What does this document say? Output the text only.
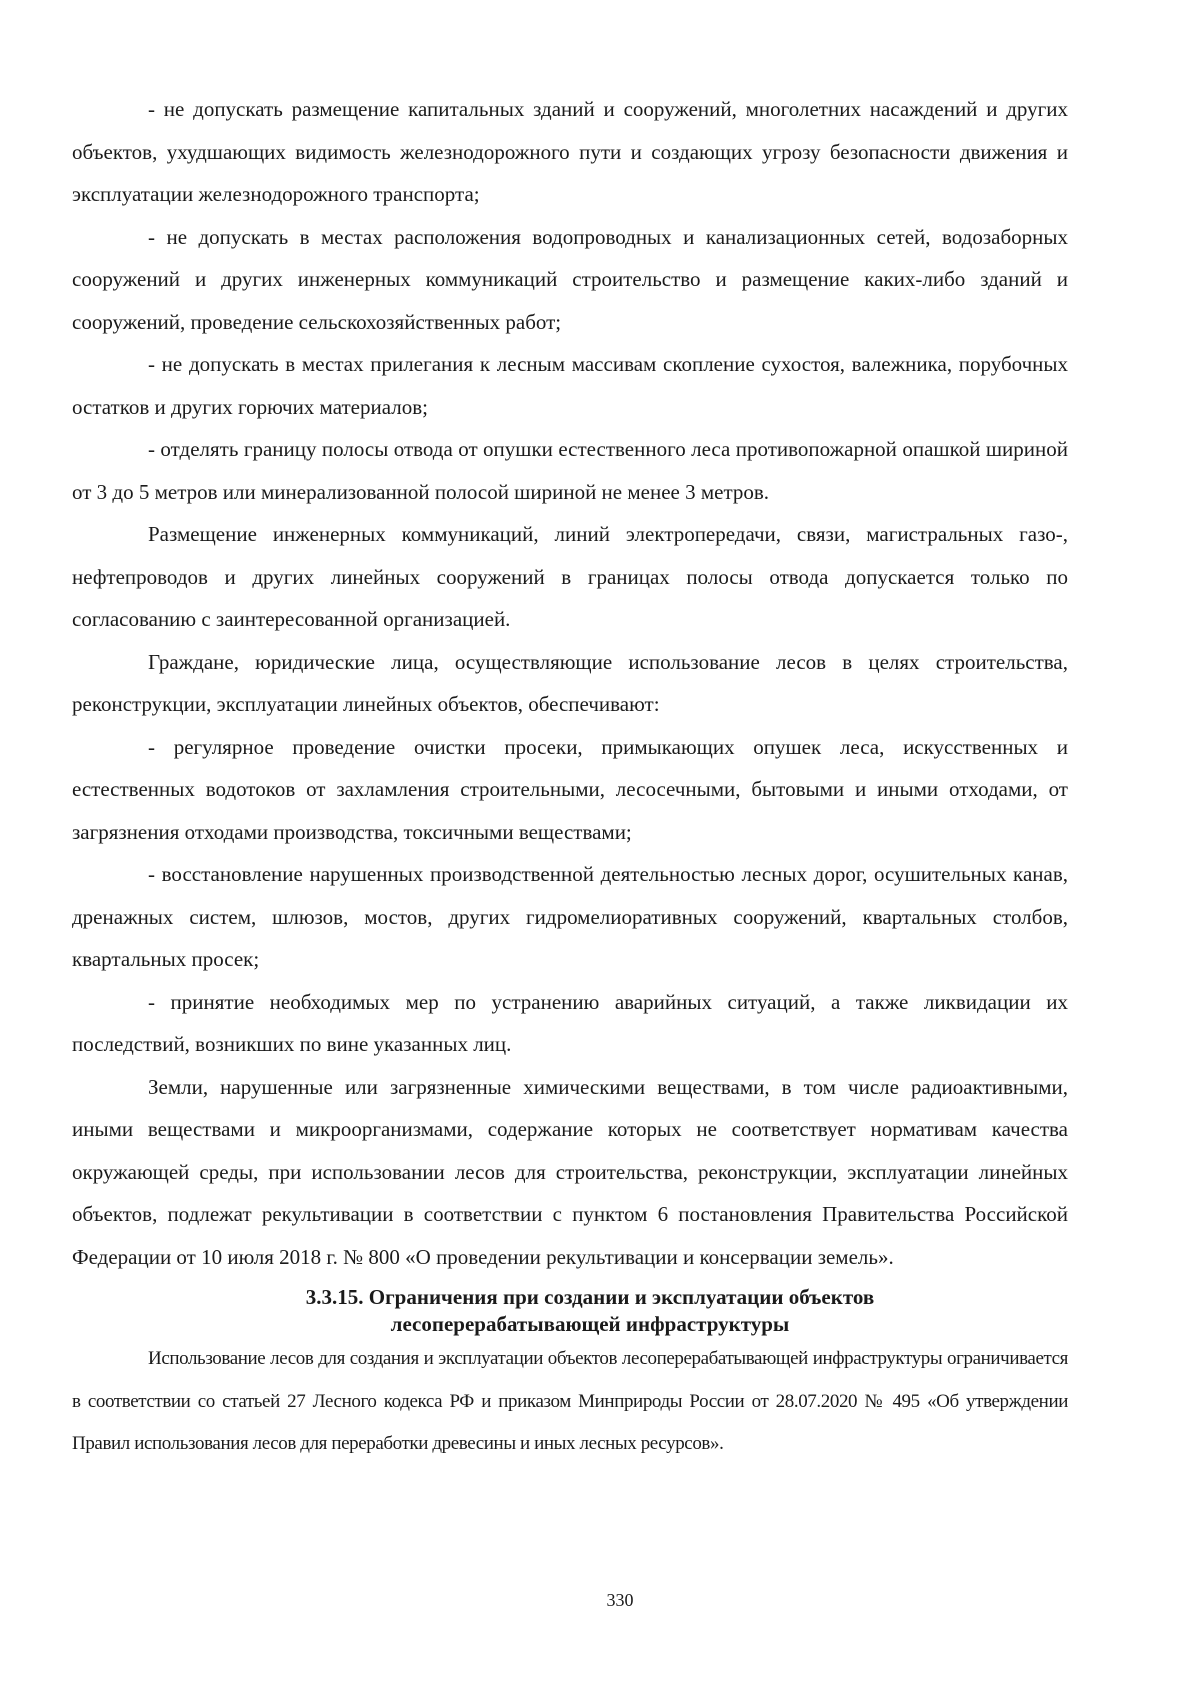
- не допускать размещение капитальных зданий и сооружений, многолетних насаждений и других объектов, ухудшающих видимость железнодорожного пути и создающих угрозу безопасности движения и эксплуатации железнодорожного транспорта;

- не допускать в местах расположения водопроводных и канализационных сетей, водозаборных сооружений и других инженерных коммуникаций строительство и размещение каких-либо зданий и сооружений, проведение сельскохозяйственных работ;

- не допускать в местах прилегания к лесным массивам скопление сухостоя, валежника, порубочных остатков и других горючих материалов;

- отделять границу полосы отвода от опушки естественного леса противопожарной опашкой шириной от 3 до 5 метров или минерализованной полосой шириной не менее 3 метров.

Размещение инженерных коммуникаций, линий электропередачи, связи, магистральных газо-, нефтепроводов и других линейных сооружений в границах полосы отвода допускается только по согласованию с заинтересованной организацией.

Граждане, юридические лица, осуществляющие использование лесов в целях строительства, реконструкции, эксплуатации линейных объектов, обеспечивают:

- регулярное проведение очистки просеки, примыкающих опушек леса, искусственных и естественных водотоков от захламления строительными, лесосечными, бытовыми и иными отходами, от загрязнения отходами производства, токсичными веществами;

- восстановление нарушенных производственной деятельностью лесных дорог, осушительных канав, дренажных систем, шлюзов, мостов, других гидромелиоративных сооружений, квартальных столбов, квартальных просек;

- принятие необходимых мер по устранению аварийных ситуаций, а также ликвидации их последствий, возникших по вине указанных лиц.

Земли, нарушенные или загрязненные химическими веществами, в том числе радиоактивными, иными веществами и микроорганизмами, содержание которых не соответствует нормативам качества окружающей среды, при использовании лесов для строительства, реконструкции, эксплуатации линейных объектов, подлежат рекультивации в соответствии с пунктом 6 постановления Правительства Российской Федерации от 10 июля 2018 г. № 800 «О проведении рекультивации и консервации земель».

3.3.15. Ограничения при создании и эксплуатации объектов
лесоперерабатывающей инфраструктуры

Использование лесов для создания и эксплуатации объектов лесоперерабатывающей инфраструктуры ограничивается в соответствии со статьей 27 Лесного кодекса РФ и приказом Минприроды России от 28.07.2020 № 495 «Об утверждении Правил использования лесов для переработки древесины и иных лесных ресурсов».

330
